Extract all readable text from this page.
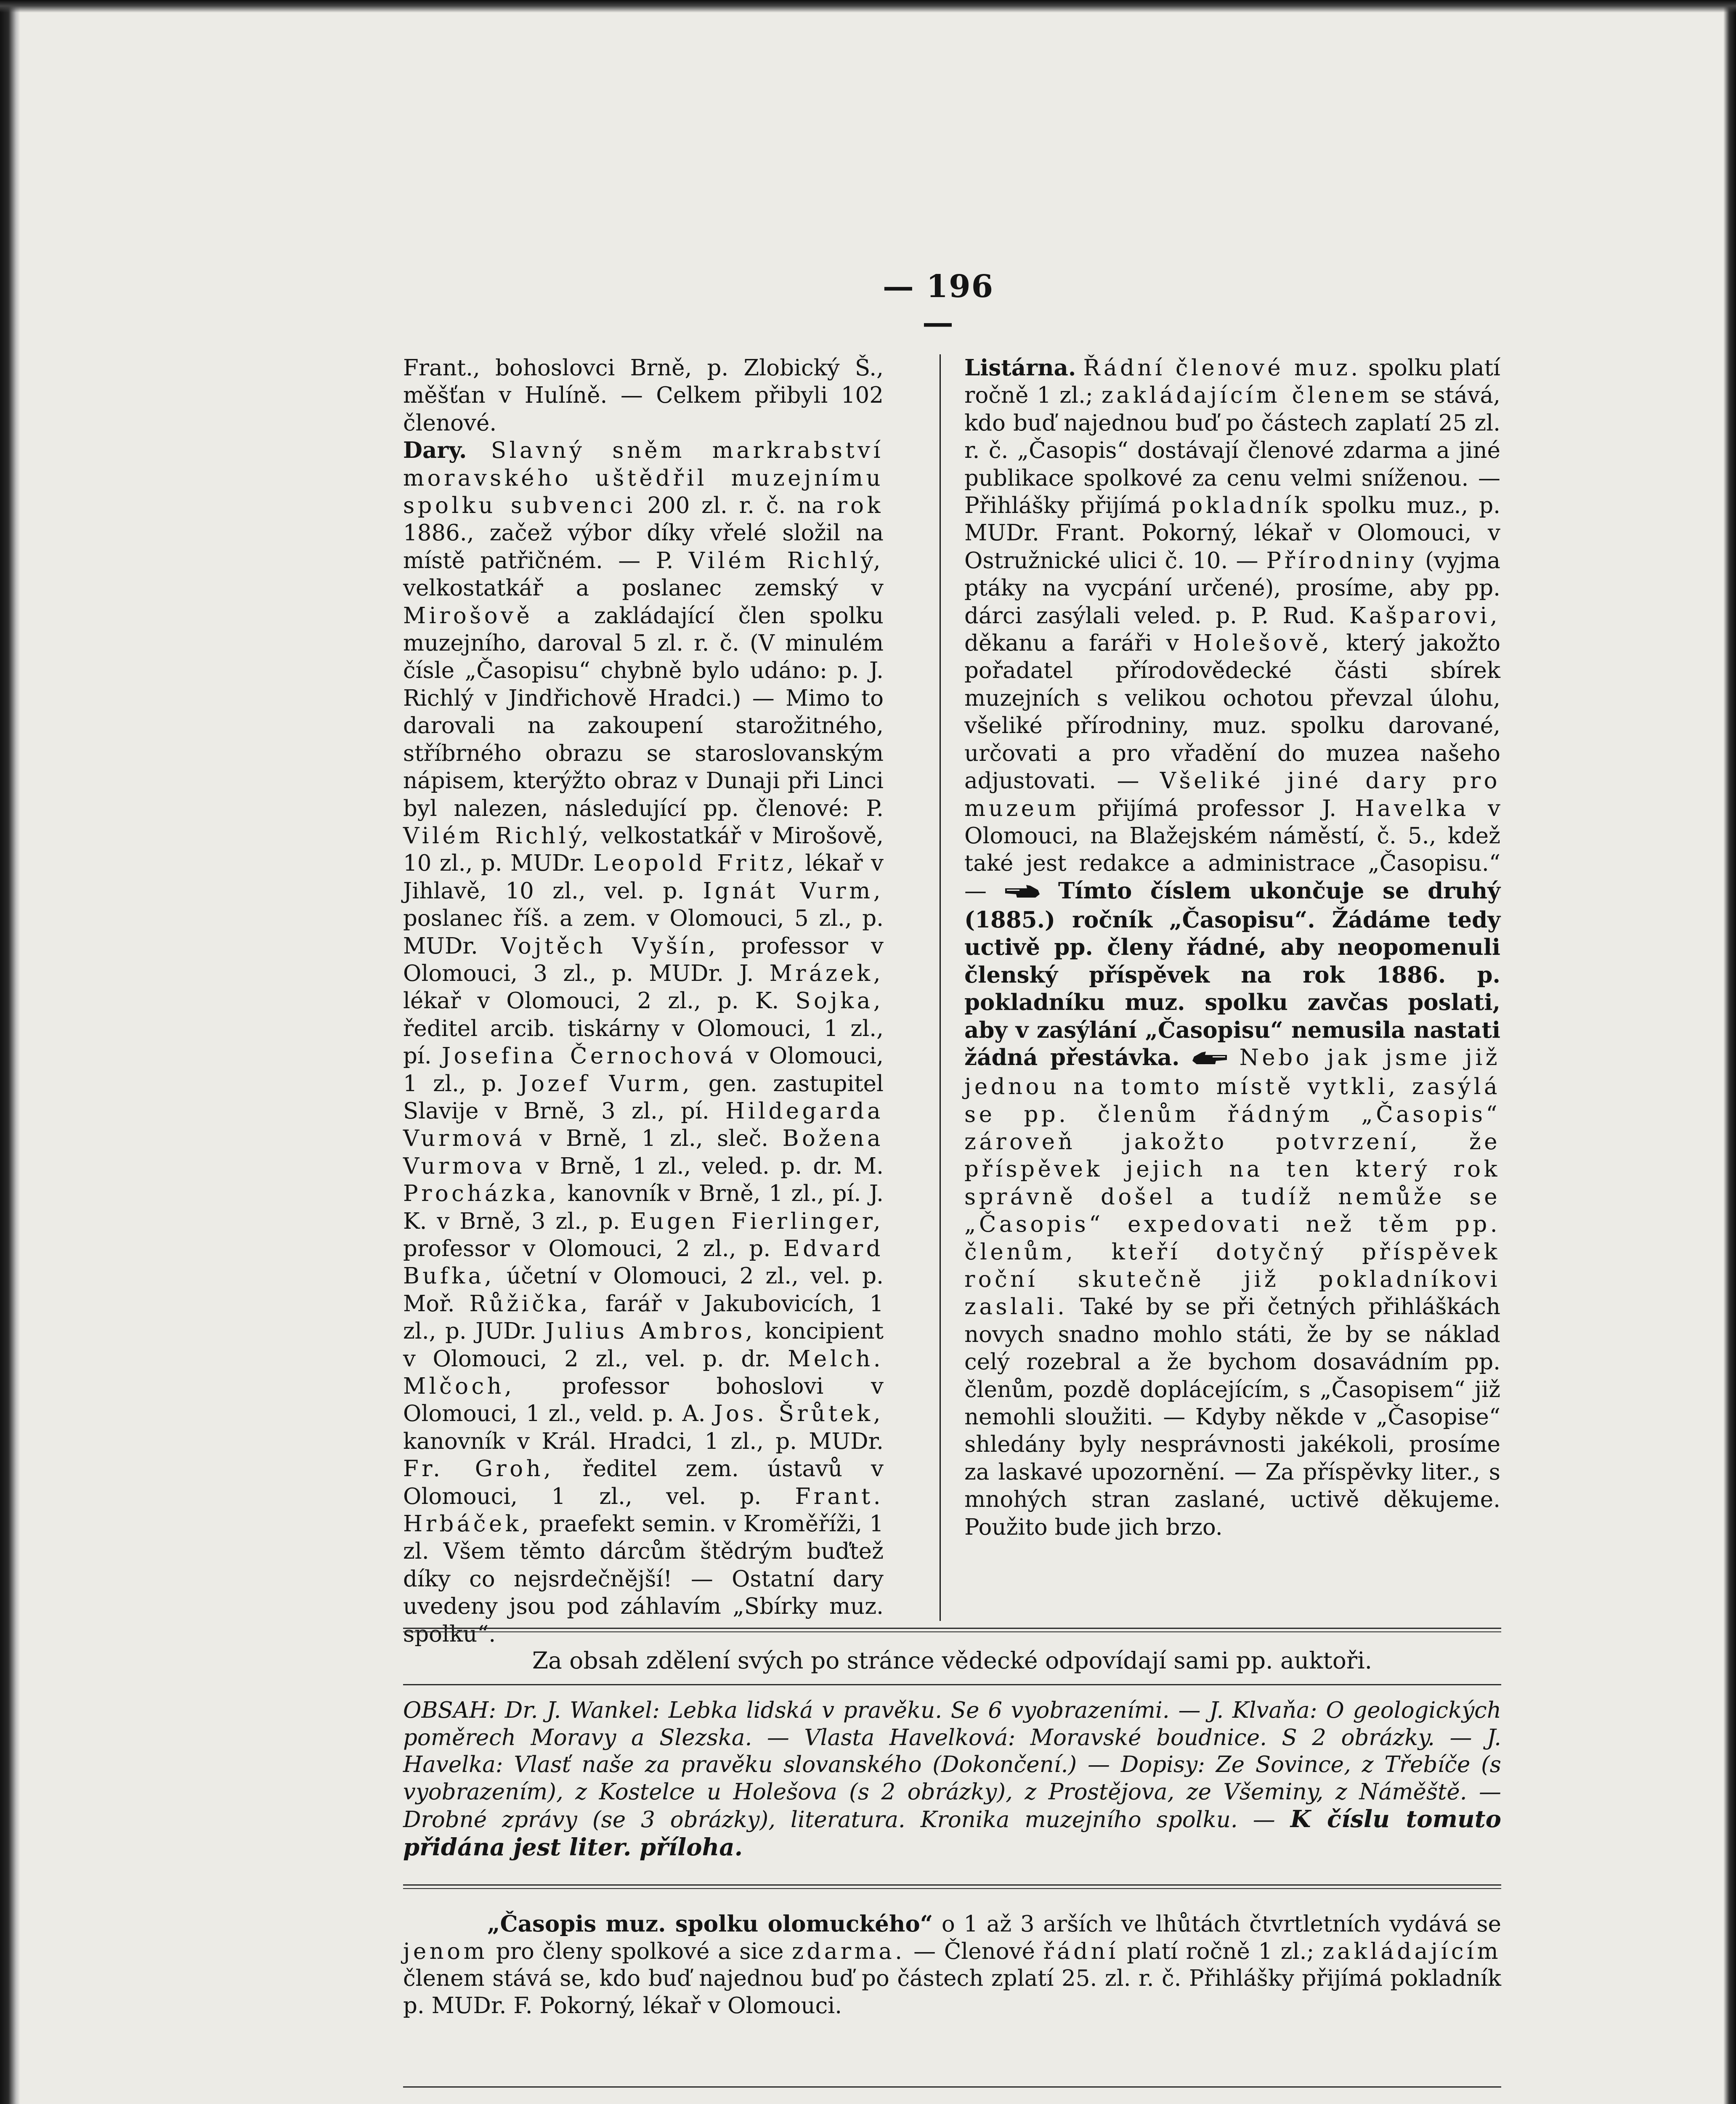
— 196 —

Frant., bohoslovci Brně, p. Zlobický Š., měšťan v Hulíně. — Celkem přibyli 102 členové.

Dary. Slavný sněm markrabství moravského uštědřil muzejnímu spolku subvenci 200 zl. r. č. na rok 1886., začež výbor díky vřelé složil na místě patřičném. — P. Vilém Richlý, velkostatkář a poslanec zemský v Mirošově a zakládající člen spolku muzejního, daroval 5 zl. r. č. (V minulém čísle „Časopisu“ chybně bylo udáno: p. J. Richlý v Jindřichově Hradci.) — Mimo to darovali na zakoupení starožitného, stříbrného obrazu se staroslovanským nápisem, kterýžto obraz v Dunaji při Linci byl nalezen, následující pp. členové: P. Vilém Richlý, velkostatkář v Mirošově, 10 zl., p. MUDr. Leopold Fritz, lékař v Jihlavě, 10 zl., vel. p. Ignát Vurm, poslanec říš. a zem. v Olomouci, 5 zl., p. MUDr. Vojtěch Vyšín, professor v Olomouci, 3 zl., p. MUDr. J. Mrázek, lékař v Olomouci, 2 zl., p. K. Sojka, ředitel arcib. tiskárny v Olomouci, 1 zl., pí. Josefina Černochová v Olomouci, 1 zl., p. Jozef Vurm, gen. zastupitel Slavije v Brně, 3 zl., pí. Hildegarda Vurmová v Brně, 1 zl., sleč. Božena Vurmova v Brně, 1 zl., veled. p. dr. M. Procházka, kanovník v Brně, 1 zl., pí. J. K. v Brně, 3 zl., p. Eugen Fierlinger, professor v Olomouci, 2 zl., p. Edvard Bufka, účetní v Olomouci, 2 zl., vel. p. Moř. Růžička, farář v Jakubovicích, 1 zl., p. JUDr. Julius Ambros, koncipient v Olomouci, 2 zl., vel. p. dr. Melch. Mlčoch, professor bohoslovi v Olomouci, 1 zl., veld. p. A. Jos. Šrůtek, kanovník v Král. Hradci, 1 zl., p. MUDr. Fr. Groh, ředitel zem. ústavů v Olomouci, 1 zl., vel. p. Frant. Hrbáček, praefekt semin. v Kroměříži, 1 zl. Všem těmto dárcům štědrým buďtež díky co nejsrdečnější! — Ostatní dary uvedeny jsou pod záhlavím „Sbírky muz. spolku“.

Listárna. Řádní členové muz. spolku platí ročně 1 zl.; zakládajícím členem se stává, kdo buď najednou buď po částech zaplatí 25 zl. r. č. „Časopis“ dostávají členové zdarma a jiné publikace spolkové za cenu velmi sníženou. — Přihlášky přijímá pokladník spolku muz., p. MUDr. Frant. Pokorný, lékař v Olomouci, v Ostružnické ulici č. 10. — Přírodniny (vyjma ptáky na vycpání určené), prosíme, aby pp. dárci zasýlali veled. p. P. Rud. Kašparovi, děkanu a faráři v Holešově, který jakožto pořadatel přírodovědecké části sbírek muzejních s velikou ochotou převzal úlohu, všeliké přírodniny, muz. spolku darované, určovati a pro vřadění do muzea našeho adjustovati. — Všeliké jiné dary pro muzeum přijímá professor J. Havelka v Olomouci, na Blažejském náměstí, č. 5., kdež také jest redakce a administrace „Časopisu.“ —	Tímto číslem ukončuje se druhý (1885.) ročník „Časopisu“. Žádáme tedy uctivě pp. členy řádné, aby neopomenuli členský příspěvek na rok 1886. p. pokladníku muz. spolku zavčas poslati, aby v zasýlání „Časopisu“ nemusila nastati žádná přestávka.	Nebo jak jsme již jednou na tomto místě vytkli, zasýlá se pp. členům řádným „Časopis“ zároveň jakožto potvrzení, že příspěvek jejich na ten který rok správně došel a tudíž nemůže se „Časopis“ expedovati než těm pp. členům, kteří dotyčný příspěvek roční skutečně již pokladníkovi zaslali. Také by se při četných přihláškách novych snadno mohlo státi, že by se náklad celý rozebral a že bychom dosavádním pp. členům, pozdě doplácejícím, s „Časopisem“ již nemohli sloužiti. — Kdyby někde v „Časopise“ shledány byly nesprávnosti jakékoli, prosíme za laskavé upozornění. — Za příspěvky liter., s mnohých stran zaslané, uctivě děkujeme. Použito bude jich brzo.

Za obsah zdělení svých po stránce vědecké odpovídají sami pp. auktoři.

OBSAH: Dr. J. Wankel: Lebka lidská v pravěku. Se 6 vyobrazeními. — J. Klvaňa: O geologických poměrech Moravy a Slezska. — Vlasta Havelková: Moravské boudnice. S 2 obrázky. — J. Havelka: Vlasť naše za pravěku slovanského (Dokončení.) — Dopisy: Ze Sovince, z Třebíče (s vyobrazením), z Kostelce u Holešova (s 2 obrázky), z Prostějova, ze Všeminy, z Náměště. — Drobné zprávy (se 3 obrázky), literatura. Kronika muzejního spolku. — K číslu tomuto přidána jest liter. příloha.

„Časopis muz. spolku olomuckého“ o 1 až 3 arších ve lhůtách čtvrtletních vydává se jenom pro členy spolkové a sice zdarma. — Členové řádní platí ročně 1 zl.; zakládajícím členem stává se, kdo buď najednou buď po částech zplatí 25. zl. r. č. Přihlášky přijímá pokladník p. MUDr. F. Pokorný, lékař v Olomouci.
